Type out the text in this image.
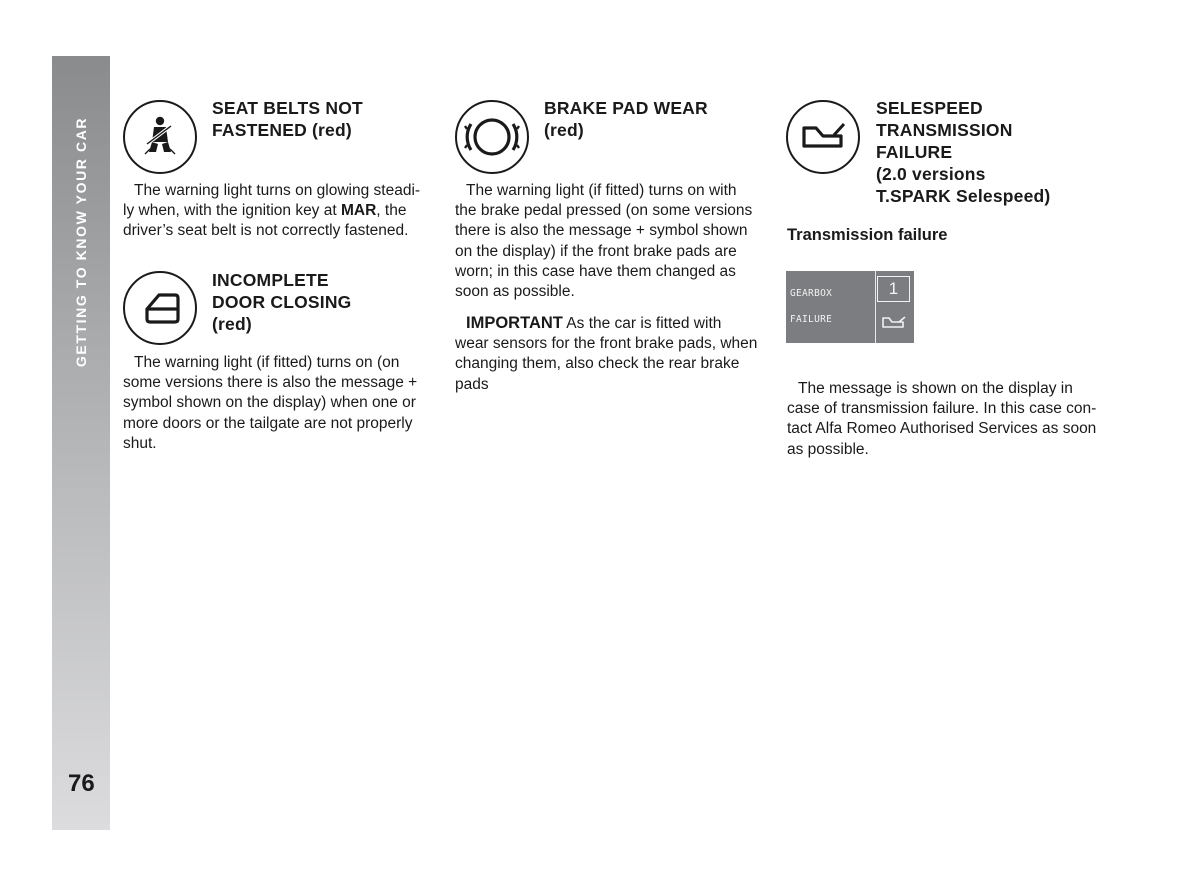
GETTING TO KNOW YOUR CAR
76
SEAT BELTS NOT
FASTENED (red)
The warning light turns on glowing steadi-
ly when, with the ignition key at MAR, the
driver’s seat belt is not correctly fastened.
INCOMPLETE
DOOR CLOSING
(red)
The warning light (if fitted) turns on (on
some versions there is also the message +
symbol shown on the display) when one or
more doors or the tailgate are not properly
shut.
BRAKE PAD WEAR
(red)
The warning light (if fitted) turns on with
the brake pedal pressed (on some versions
there is also the message + symbol shown
on the display) if the front brake pads are
worn; in this case have them changed as
soon as possible.
IMPORTANT As the car is fitted with
wear sensors for the front brake pads, when
changing them, also check the rear brake
pads
SELESPEED
TRANSMISSION
FAILURE
(2.0 versions
T.SPARK Selespeed)
Transmission failure
GEARBOX
FAILURE
1
The message is shown on the display in
case of transmission failure. In this case con-
tact Alfa Romeo Authorised Services as soon
as possible.
